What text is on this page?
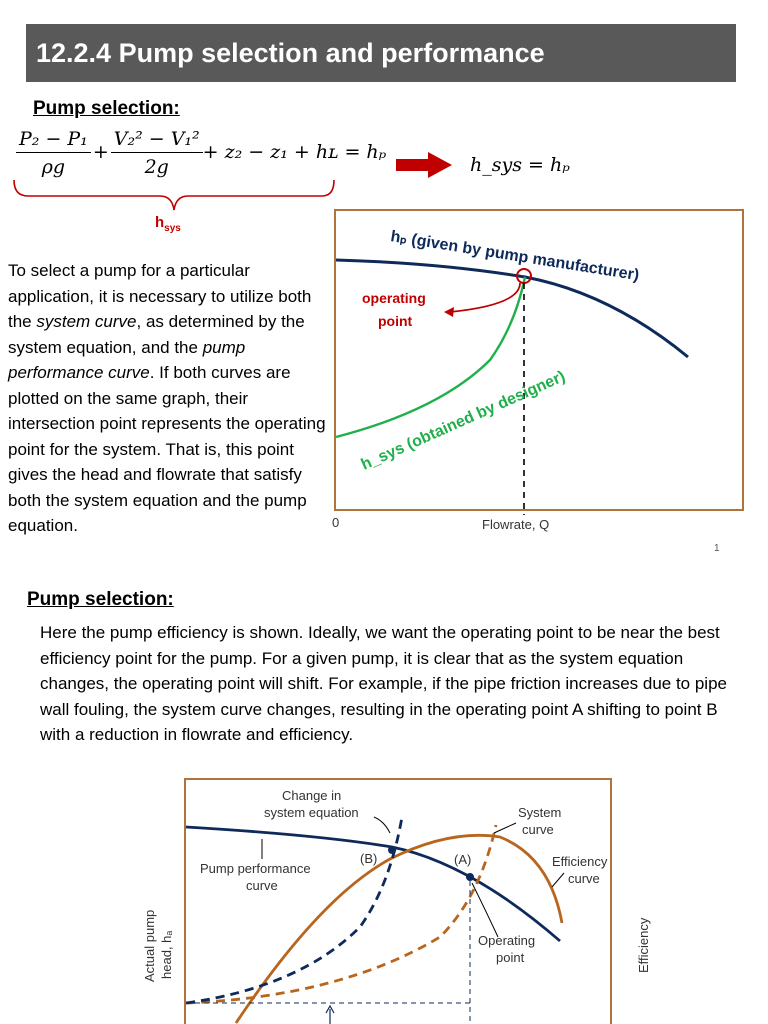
12.2.4 Pump selection and performance
Pump selection:
$\frac{\text{P₂ − P₁}}{\rho g} + \frac{\text{V₂² − V₁²}}{2g} + z_2 - z_1$ + hʟ = hₚ
h_sys = hₚ
$h_{sys}$
To select a pump for a particular application, it is necessary to utilize both the system curve, as determined by the system equation, and the pump performance curve. If both curves are plotted on the same graph, their intersection point represents the operating point for the system. That is, this point gives the head and flowrate that satisfy both the system equation and the pump equation.
hₚ (given by pump manufacturer)
operating
point
h_sys (obtained by designer)
0	Flowrate, Q
1
Pump selection:
Here the pump efficiency is shown. Ideally, we want the operating point to be near the best efficiency point for the pump. For a given pump, it is clear that as the system equation changes, the operating point will shift. For example, if the pipe friction increases due to pipe wall fouling, the system curve changes, resulting in the operating point A shifting to point B with a reduction in flowrate and efficiency.
Change in
system equation	System
curve
(B)	(A)
Pump performance
curve
Efficiency
curve
Operating
point
Actual pump head, hₐ	Efficiency
